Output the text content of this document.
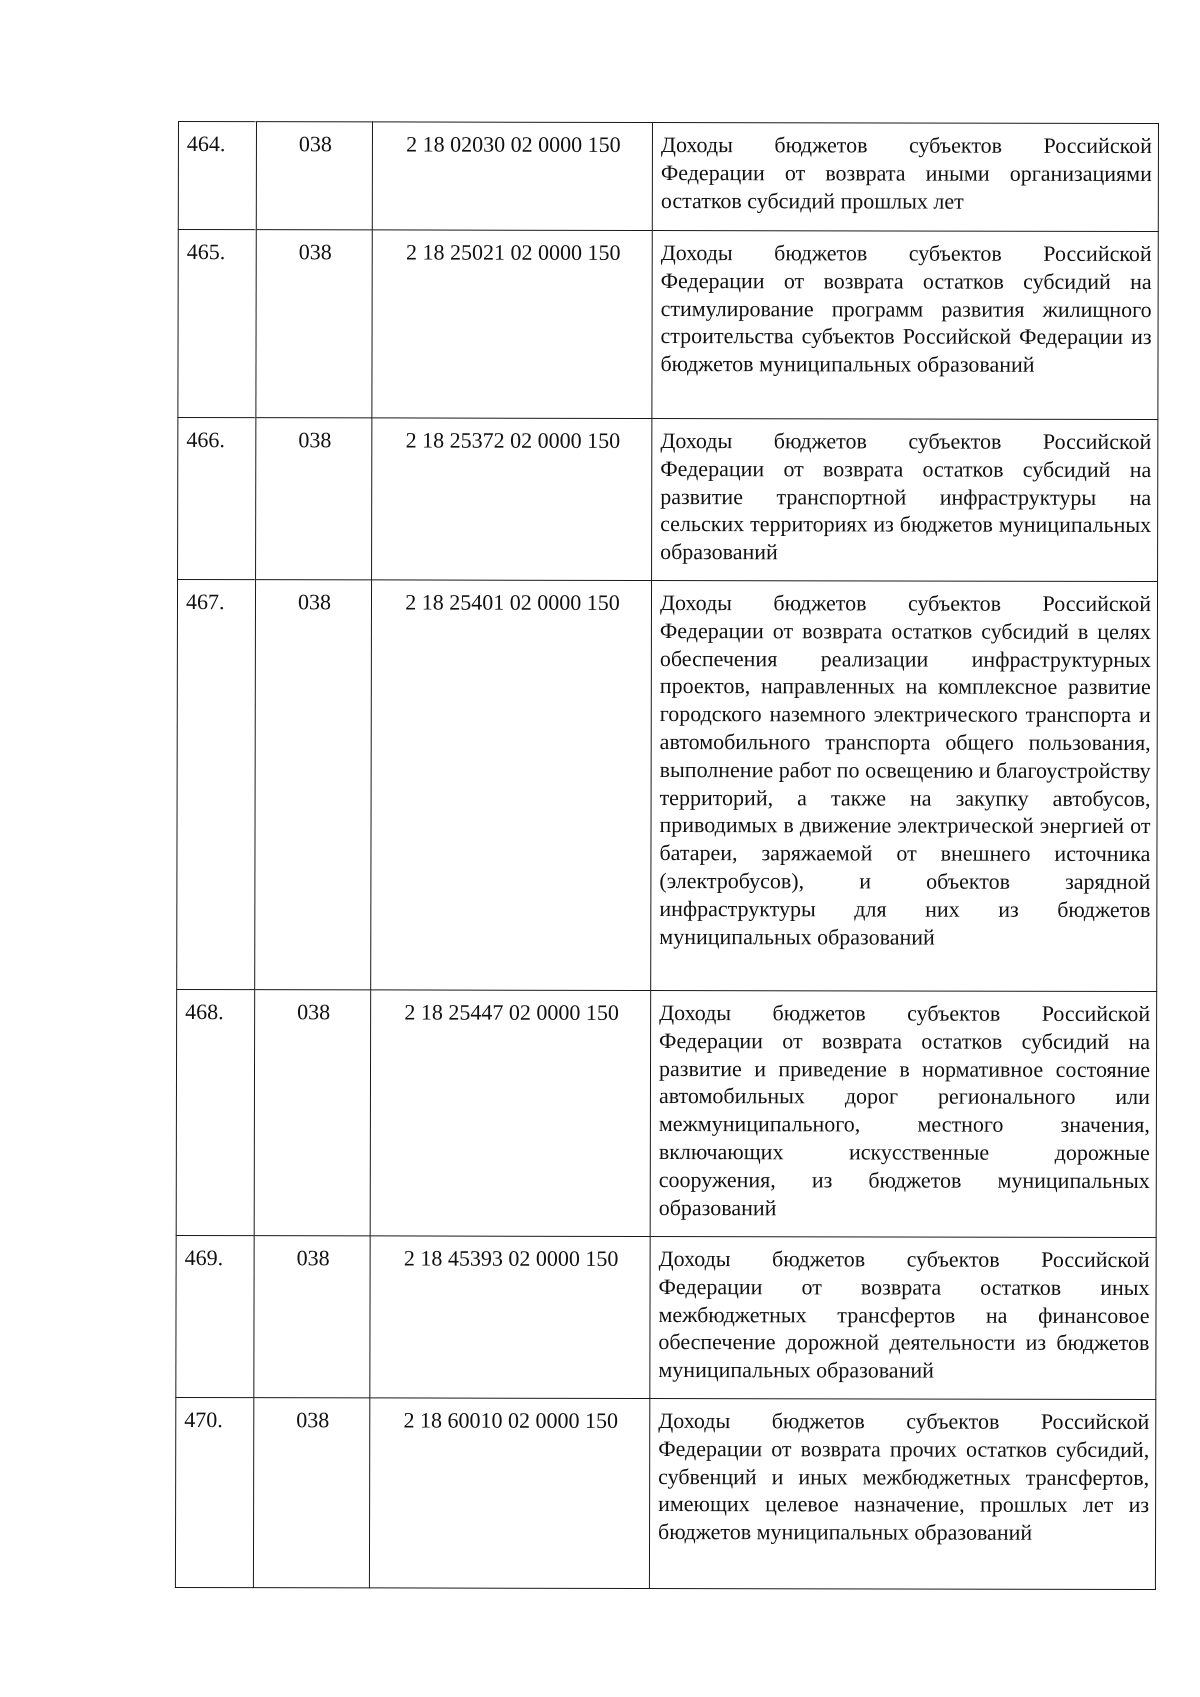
464.	038	2 18 02030 02 0000 150	Доходы бюджетов субъектов Российской Федерации от возврата иными организациями остатков субсидий прошлых лет
465.	038	2 18 25021 02 0000 150	Доходы бюджетов субъектов Российской Федерации от возврата остатков субсидий на стимулирование программ развития жилищного строительства субъектов Российской Федерации из бюджетов муниципальных образований
466.	038	2 18 25372 02 0000 150	Доходы бюджетов субъектов Российской Федерации от возврата остатков субсидий на развитие транспортной инфраструктуры на сельских территориях из бюджетов муниципальных образований
467.	038	2 18 25401 02 0000 150	Доходы бюджетов субъектов Российской Федерации от возврата остатков субсидий в целях обеспечения реализации инфраструктурных проектов, направленных на комплексное развитие городского наземного электрического транспорта и автомобильного транспорта общего пользования, выполнение работ по освещению и благоустройству территорий, а также на закупку автобусов, приводимых в движение электрической энергией от батареи, заряжаемой от внешнего источника (электробусов), и объектов зарядной инфраструктуры для них из бюджетов муниципальных образований
468.	038	2 18 25447 02 0000 150	Доходы бюджетов субъектов Российской Федерации от возврата остатков субсидий на развитие и приведение в нормативное состояние автомобильных дорог регионального или межмуниципального, местного значения, включающих искусственные дорожные сооружения, из бюджетов муниципальных образований
469.	038	2 18 45393 02 0000 150	Доходы бюджетов субъектов Российской Федерации от возврата остатков иных межбюджетных трансфертов на финансовое обеспечение дорожной деятельности из бюджетов муниципальных образований
470.	038	2 18 60010 02 0000 150	Доходы бюджетов субъектов Российской Федерации от возврата прочих остатков субсидий, субвенций и иных межбюджетных трансфертов, имеющих целевое назначение, прошлых лет из бюджетов муниципальных образований
